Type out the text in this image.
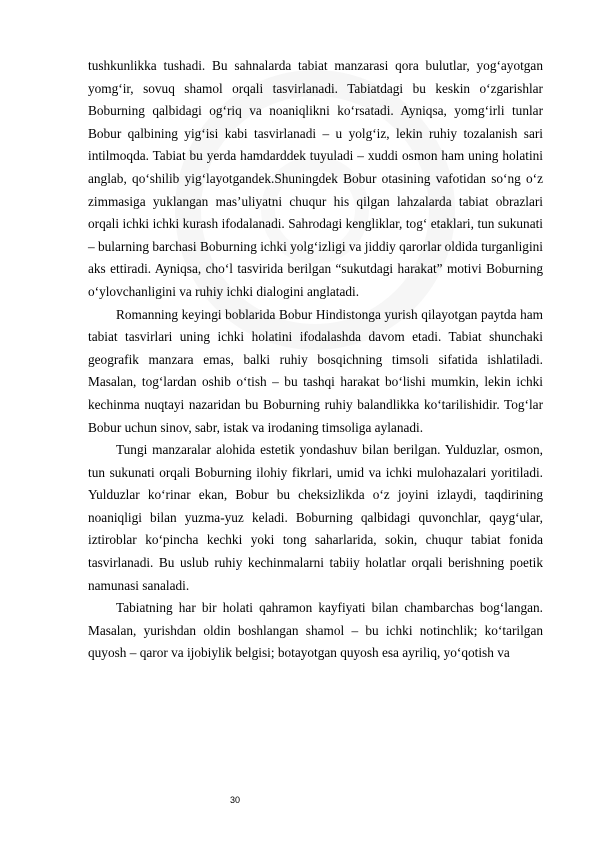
tushkunlikka tushadi. Bu sahnalarda tabiat manzarasi qora bulutlar, yog‘ayotgan yomg‘ir, sovuq shamol orqali tasvirlanadi. Tabiatdagi bu keskin o‘zgarishlar Boburning qalbidagi og‘riq va noaniqlikni ko‘rsatadi. Ayniqsa, yomg‘irli tunlar Bobur qalbining yig‘isi kabi tasvirlanadi – u yolg‘iz, lekin ruhiy tozalanish sari intilmoqda. Tabiat bu yerda hamdarddek tuyuladi – xuddi osmon ham uning holatini anglab, qo‘shilib yig‘layotgandek.Shuningdek Bobur otasining vafotidan so‘ng o‘z zimmasiga yuklangan mas’uliyatni chuqur his qilgan lahzalarda tabiat obrazlari orqali ichki ichki kurash ifodalanadi. Sahrodagi kengliklar, tog‘ etaklari, tun sukunati – bularning barchasi Boburning ichki yolg‘izligi va jiddiy qarorlar oldida turganligini aks ettiradi. Ayniqsa, cho‘l tasvirida berilgan “sukutdagi harakat” motivi Boburning o‘ylovchanligini va ruhiy ichki dialogini anglatadi.

Romanning keyingi boblarida Bobur Hindistonga yurish qilayotgan paytda ham tabiat tasvirlari uning ichki holatini ifodalashda davom etadi. Tabiat shunchaki geografik manzara emas, balki ruhiy bosqichning timsoli sifatida ishlatiladi. Masalan, tog‘lardan oshib o‘tish – bu tashqi harakat bo‘lishi mumkin, lekin ichki kechinma nuqtayi nazaridan bu Boburning ruhiy balandlikka ko‘tarilishidir. Tog‘lar Bobur uchun sinov, sabr, istak va irodaning timsoliga aylanadi.

Tungi manzaralar alohida estetik yondashuv bilan berilgan. Yulduzlar, osmon, tun sukunati orqali Boburning ilohiy fikrlari, umid va ichki mulohazalari yoritiladi. Yulduzlar ko‘rinar ekan, Bobur bu cheksizlikda o‘z joyini izlaydi, taqdirining noaniqligi bilan yuzma-yuz keladi. Boburning qalbidagi quvonchlar, qayg‘ular, iztiroblar ko‘pincha kechki yoki tong saharlarida, sokin, chuqur tabiat fonida tasvirlanadi. Bu uslub ruhiy kechinmalarni tabiiy holatlar orqali berishning poetik namunasi sanaladi.

Tabiatning har bir holati qahramon kayfiyati bilan chambarchas bog‘langan. Masalan, yurishdan oldin boshlangan shamol – bu ichki notinchlik; ko‘tarilgan quyosh – qaror va ijobiylik belgisi; botayotgan quyosh esa ayriliq, yo‘qotish va

30
